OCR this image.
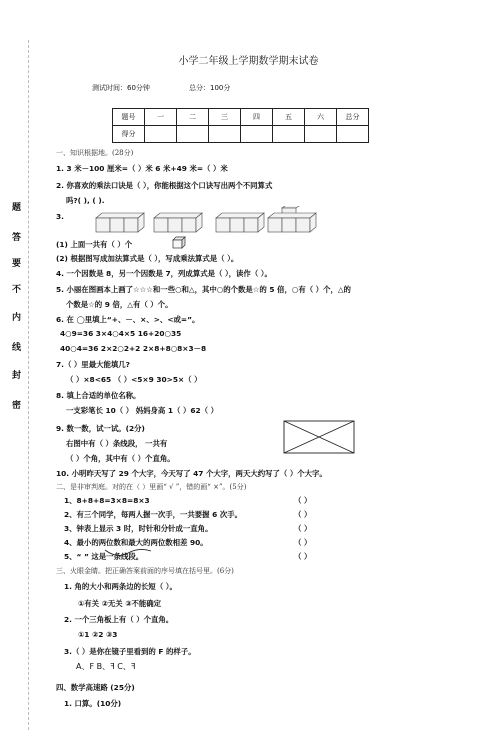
题
答
要
不
内
线
封
密
小学二年级上学期数学期末试卷
测试时间：60分钟	总分：100分
题号	一	二	三	四	五	六	总分
得分							
一、知识根据地。(28分)
1. 3 米－100 厘米=（ ）米 6 米+49 米=（ ）米
2. 你喜欢的乘法口诀是（ ），你能根据这个口诀写出两个不同算式
吗?( ), ( ).
3.
(1) 上面一共有（ ）个
(2) 根据图写成加法算式是（ ），写成乘法算式是（ ）。
4. 一个因数是 8，另一个因数是 7，列成算式是（ ），读作（ ）。
5. 小丽在图画本上画了☆☆☆和一些○和△，其中○的个数是☆的 5 倍，○有（ ）个，△的
个数是☆的 9 倍，△有（ ）个。
6. 在 ◯里填上“+、－、×、>、<或=”。
4○9=36 3×4○4×5 16+20○35
40○4=36 2×2○2+2 2×8+8○8×3－8
7.（ ）里最大能填几?
（ ）×8<65 （ ）<5×9 30>5×（ ）
8. 填上合适的单位名称。
一支彩笔长 10（ ） 妈妈身高 1（ ）62（ ）
9. 数一数，试一试。(2分)
右图中有（ ）条线段， 一共有
（ ）个角，其中有（ ）个直角。
10. 小明昨天写了 29 个大字，今天写了 47 个大字，两天大约写了（ ）个大字。
二、是非审判庭。对的在（ ）里画“ √ ”，错的画“ ×”。(5分)
1、8+8+8=3×8=8×3	（ ）
2、有三个同学，每两人握一次手，一共要握 6 次手。	（ ）
3、钟表上显示 3 时，时针和分针成一直角。	（ ）
4、最小的两位数和最大的两位数相差 90。	（ ）
5、“ ” 这是一条线段。	（ ）
三、火眼金睛。把正确答案前面的序号填在括号里。(6分)
1. 角的大小和两条边的长短（ ）。
①有关 ②无关 ③不能确定
2. 一个三角板上有（ ）个直角。
①1 ②2 ③3
3.（ ）是你在镜子里看到的 F 的样子。
A、F B、ꟻ C、ꟻ
四、数学高速路 (25分)
1. 口算。(10分)
